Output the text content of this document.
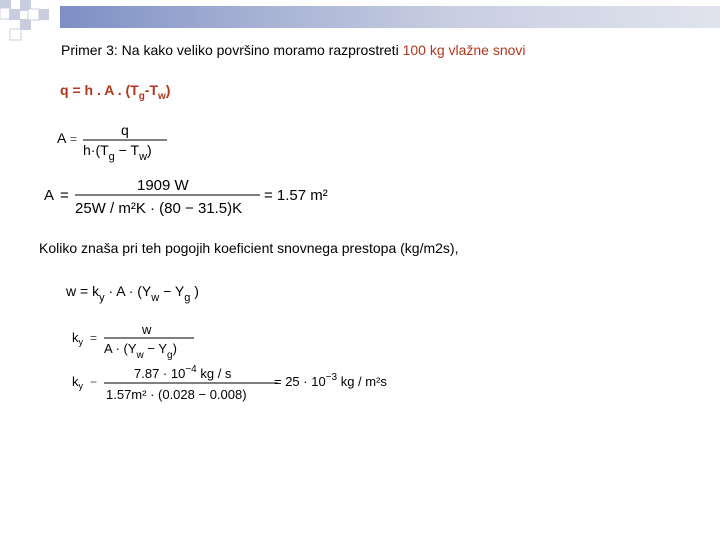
Primer 3: Na kako veliko površino moramo razprostreti 100 kg vlažne snovi
q = h . A . $(T_g-T_w)$
A =
q
$h\cdot(T_g - T_w)$
A =
1909 W
25W / m²K · (80 − 31.5)K
= 1.57 m²
Koliko znaša pri teh pogojih koeficient snovnega prestopa (kg/m2s),
$w = k_y \cdot A \cdot (Y_w - Y_g$ )
$k_y$ =
w
$A \cdot (Y_w - Y_g)$
$k_y$ −
$7.87 \cdot 10^{-4}$ kg / s
1.57m² · (0.028 − 0.008)
= $25 \cdot 10^{-3}$ kg / m²s
